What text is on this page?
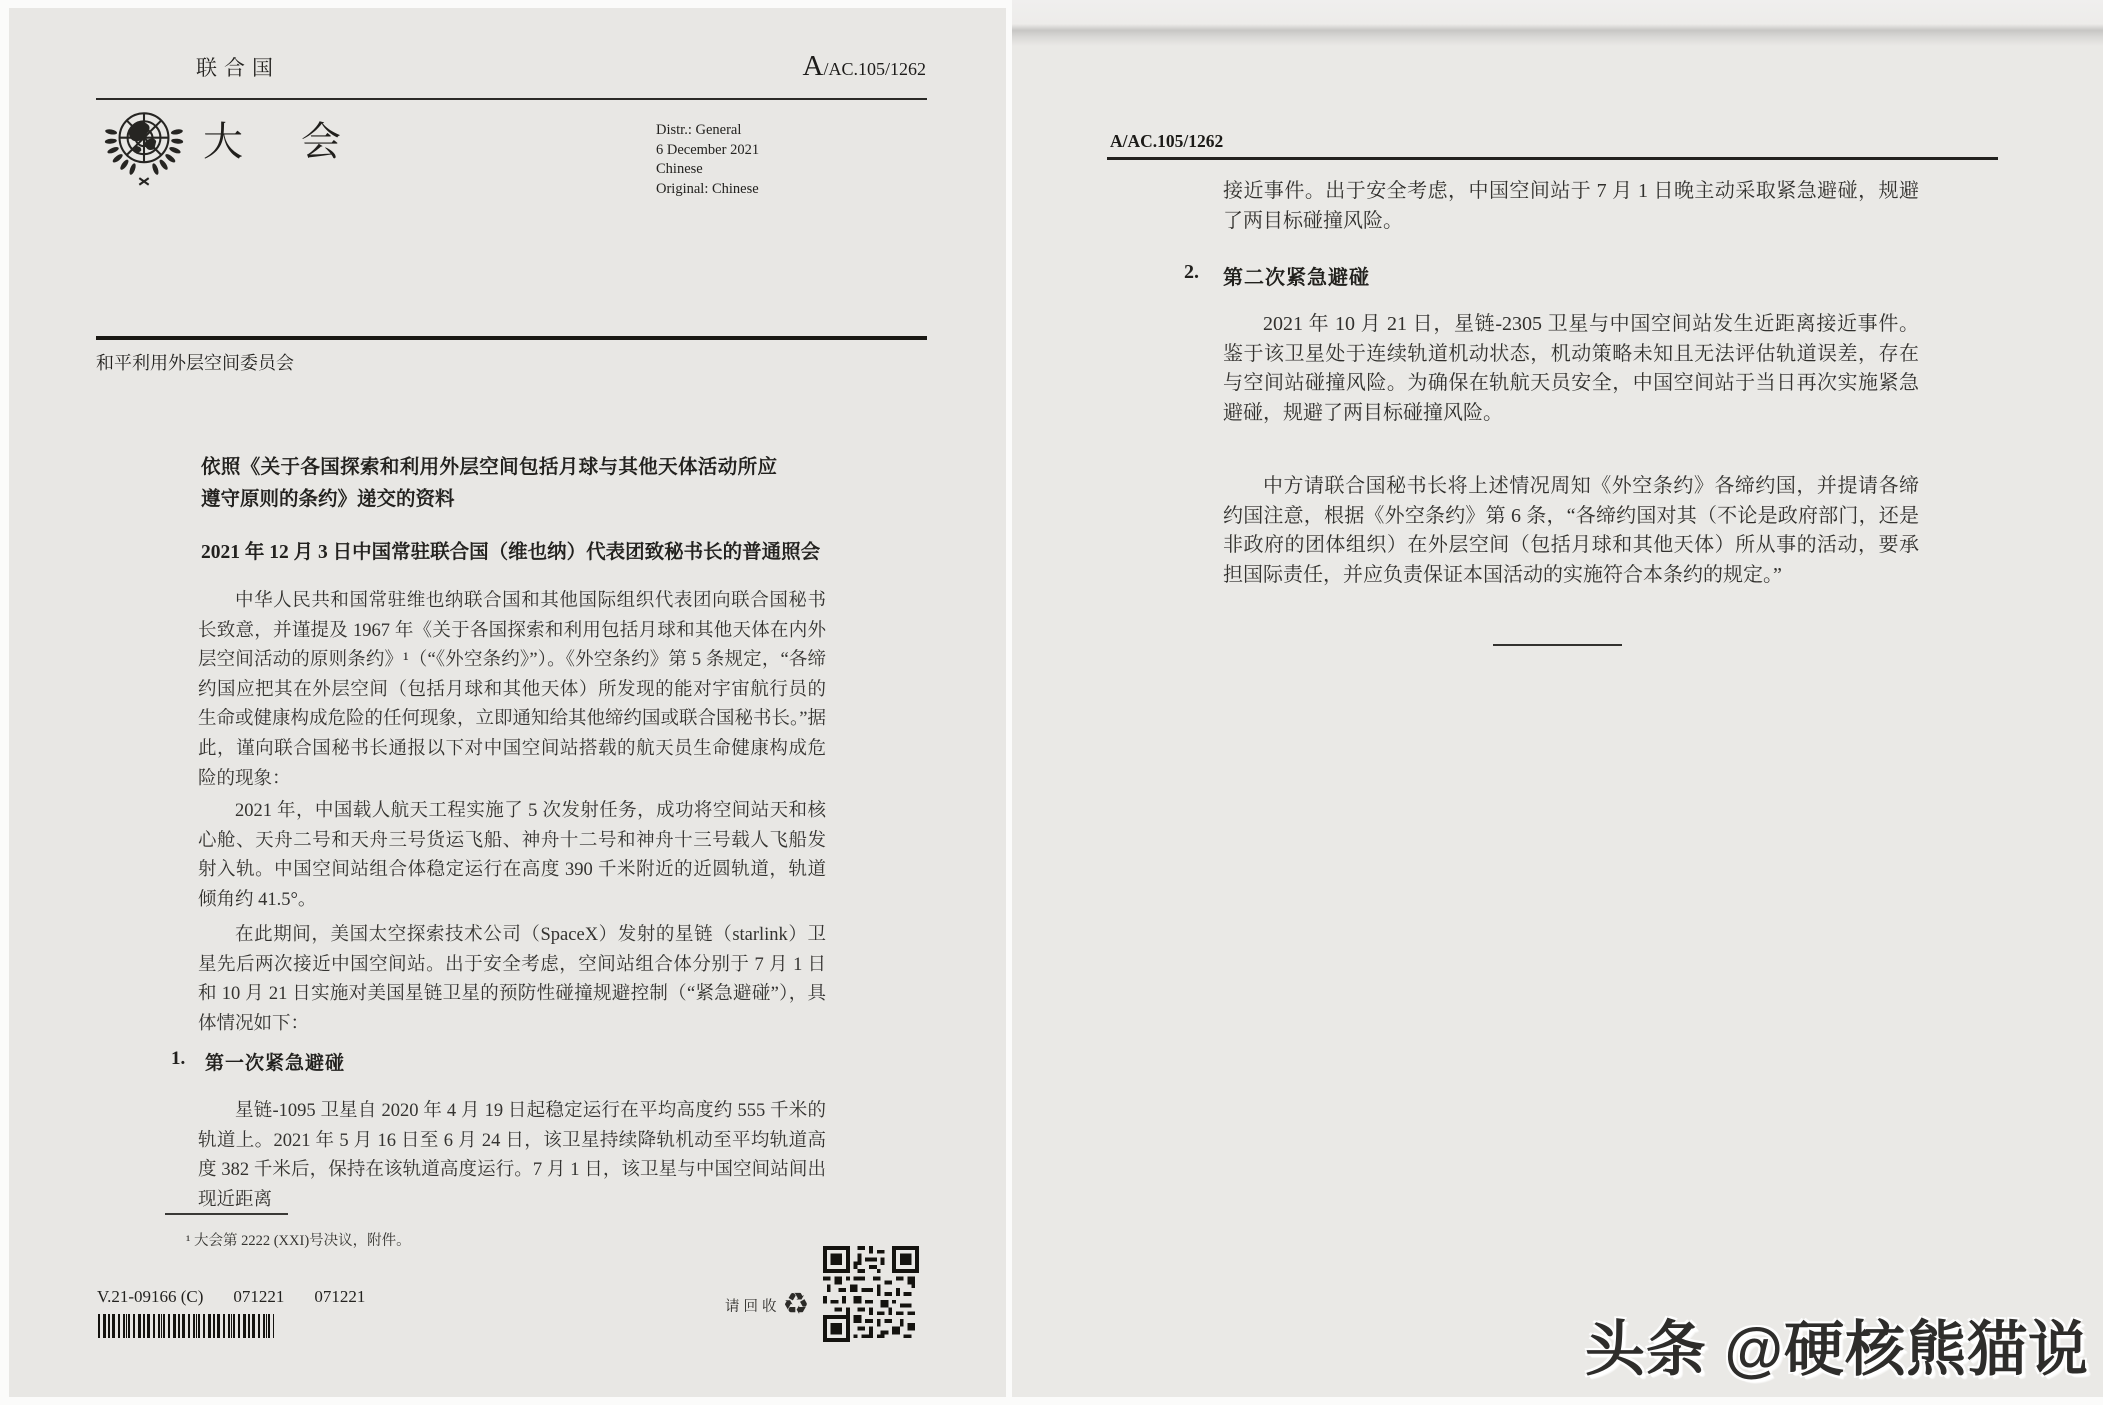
联合国	A/AC.105/1262
大 会	Distr.: General
6 December 2021
Chinese
Original: Chinese
和平利用外层空间委员会
依照《关于各国探索和利用外层空间包括月球与其他天体活动所应遵守原则的条约》递交的资料
2021 年 12 月 3 日中国常驻联合国（维也纳）代表团致秘书长的普通照会
中华人民共和国常驻维也纳联合国和其他国际组织代表团向联合国秘书长致意，并谨提及 1967 年《关于各国探索和利用包括月球和其他天体在内外层空间活动的原则条约》¹（“《外空条约》”）。《外空条约》第 5 条规定，“各缔约国应把其在外层空间（包括月球和其他天体）所发现的能对宇宙航行员的生命或健康构成危险的任何现象，立即通知给其他缔约国或联合国秘书长。”据此，谨向联合国秘书长通报以下对中国空间站搭载的航天员生命健康构成危险的现象：
2021 年，中国载人航天工程实施了 5 次发射任务，成功将空间站天和核心舱、天舟二号和天舟三号货运飞船、神舟十二号和神舟十三号载人飞船发射入轨。中国空间站组合体稳定运行在高度 390 千米附近的近圆轨道，轨道倾角约 41.5°。
在此期间，美国太空探索技术公司（SpaceX）发射的星链（starlink）卫星先后两次接近中国空间站。出于安全考虑，空间站组合体分别于 7 月 1 日和 10 月 21 日实施对美国星链卫星的预防性碰撞规避控制（“紧急避碰”），具体情况如下：
1. 第一次紧急避碰
星链-1095 卫星自 2020 年 4 月 19 日起稳定运行在平均高度约 555 千米的轨道上。2021 年 5 月 16 日至 6 月 24 日，该卫星持续降轨机动至平均轨道高度 382 千米后，保持在该轨道高度运行。7 月 1 日，该卫星与中国空间站间出现近距离
¹ 大会第 2222 (XXI)号决议，附件。
V.21-09166 (C) 071221 071221
请回收 ♻
A/AC.105/1262
接近事件。出于安全考虑，中国空间站于 7 月 1 日晚主动采取紧急避碰，规避了两目标碰撞风险。
2. 第二次紧急避碰
2021 年 10 月 21 日，星链-2305 卫星与中国空间站发生近距离接近事件。鉴于该卫星处于连续轨道机动状态，机动策略未知且无法评估轨道误差，存在与空间站碰撞风险。为确保在轨航天员安全，中国空间站于当日再次实施紧急避碰，规避了两目标碰撞风险。
中方请联合国秘书长将上述情况周知《外空条约》各缔约国，并提请各缔约国注意，根据《外空条约》第 6 条，“各缔约国对其（不论是政府部门，还是非政府的团体组织）在外层空间（包括月球和其他天体）所从事的活动，要承担国际责任，并应负责保证本国活动的实施符合本条约的规定。”
头条 @硬核熊猫说
